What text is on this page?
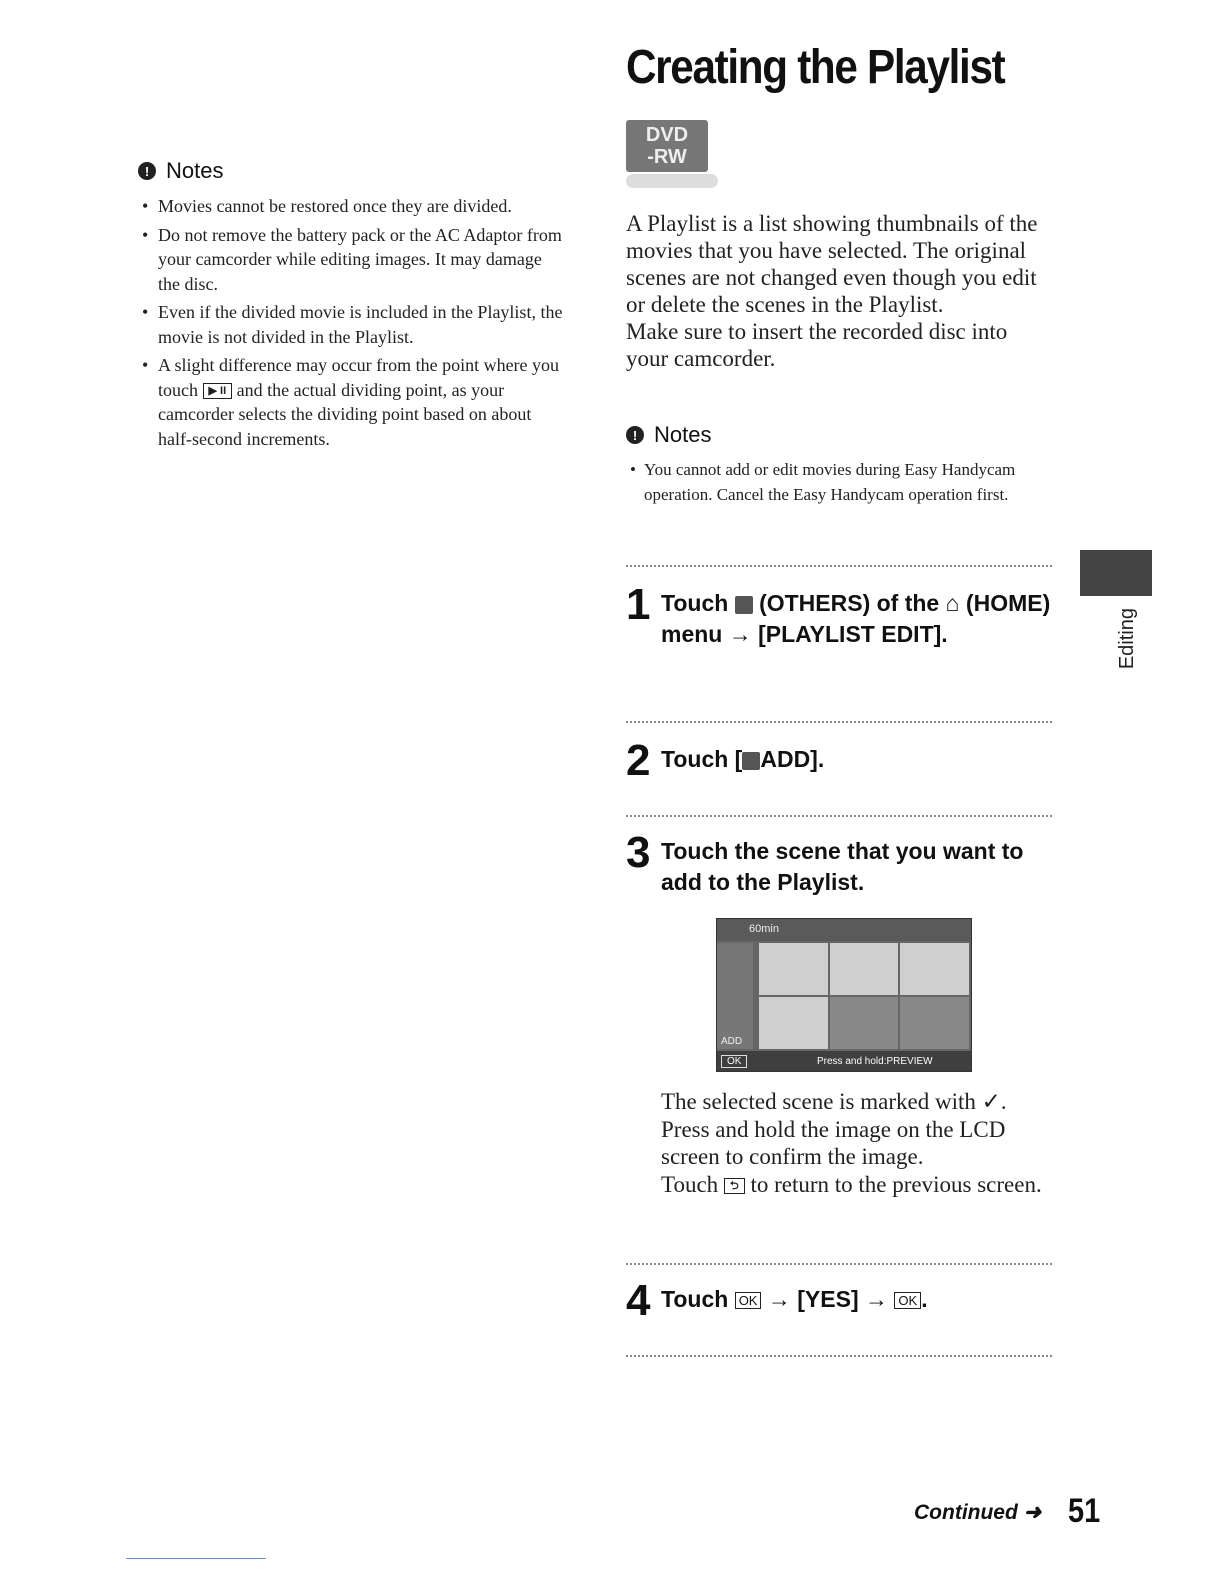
! Notes
• Movies cannot be restored once they are divided.
• Do not remove the battery pack or the AC Adaptor from your camcorder while editing images. It may damage the disc.
• Even if the divided movie is included in the Playlist, the movie is not divided in the Playlist.
• A slight difference may occur from the point where you touch ▶ II and the actual dividing point, as your camcorder selects the dividing point based on about half-second increments.
Creating the Playlist
DVD
-RW
A Playlist is a list showing thumbnails of the movies that you have selected. The original scenes are not changed even though you edit or delete the scenes in the Playlist.
Make sure to insert the recorded disc into your camcorder.
! Notes
• You cannot add or edit movies during Easy Handycam operation. Cancel the Easy Handycam operation first.
1 Touch (OTHERS) of the ⌂ (HOME) menu → [PLAYLIST EDIT].
2 Touch [ ADD].
3 Touch the scene that you want to add to the Playlist.
60min
ADD
OK	Press and hold:PREVIEW
The selected scene is marked with ✓.
Press and hold the image on the LCD screen to confirm the image.
Touch ⮌ to return to the previous screen.
4 Touch OK → [YES] → OK .
Editing
Continued ➜ 51
